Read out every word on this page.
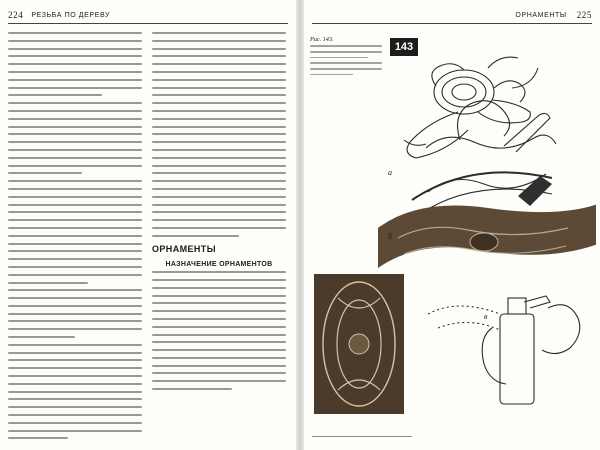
224 РЕЗЬБА ПО ДЕРЕВУ

ОРНАМЕНТЫ

НАЗНАЧЕНИЕ ОРНАМЕНТОВ

ОРНАМЕНТЫ 225

Рис. 143.

143
а
б
в
